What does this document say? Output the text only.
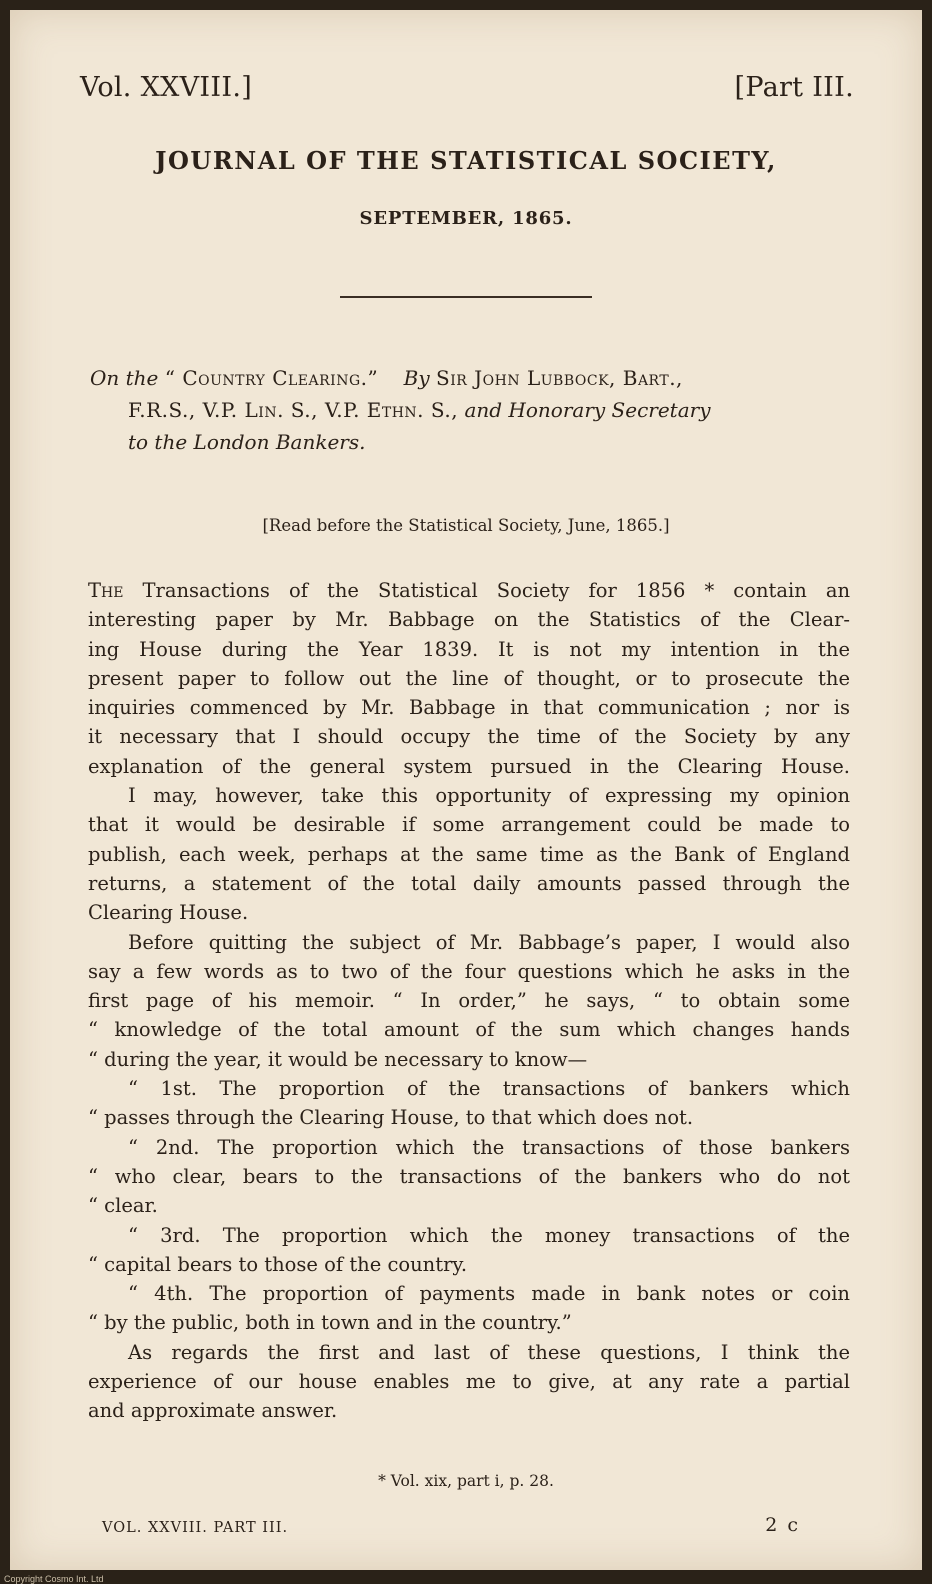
Vol. XXVIII.]	[Part III.
JOURNAL OF THE STATISTICAL SOCIETY,
SEPTEMBER, 1865.
On the “ Country Clearing.” By Sir John Lubbock, Bart.,
F.R.S., V.P. Lin. S., V.P. Ethn. S., and Honorary Secretary
to the London Bankers.
[Read before the Statistical Society, June, 1865.]
The Transactions of the Statistical Society for 1856 * contain an
interesting paper by Mr. Babbage on the Statistics of the Clear-
ing House during the Year 1839. It is not my intention in the
present paper to follow out the line of thought, or to prosecute the
inquiries commenced by Mr. Babbage in that communication ; nor is
it necessary that I should occupy the time of the Society by any
explanation of the general system pursued in the Clearing House.
I may, however, take this opportunity of expressing my opinion
that it would be desirable if some arrangement could be made to
publish, each week, perhaps at the same time as the Bank of England
returns, a statement of the total daily amounts passed through the
Clearing House.
Before quitting the subject of Mr. Babbage’s paper, I would also
say a few words as to two of the four questions which he asks in the
first page of his memoir. “ In order,” he says, “ to obtain some
“ knowledge of the total amount of the sum which changes hands
“ during the year, it would be necessary to know—
“ 1st. The proportion of the transactions of bankers which
“ passes through the Clearing House, to that which does not.
“ 2nd. The proportion which the transactions of those bankers
“ who clear, bears to the transactions of the bankers who do not
“ clear.
“ 3rd. The proportion which the money transactions of the
“ capital bears to those of the country.
“ 4th. The proportion of payments made in bank notes or coin
“ by the public, both in town and in the country.”
As regards the first and last of these questions, I think the
experience of our house enables me to give, at any rate a partial
and approximate answer.
* Vol. xix, part i, p. 28.
VOL. XXVIII. PART III.	2 c
Copyright Cosmo Int. Ltd
